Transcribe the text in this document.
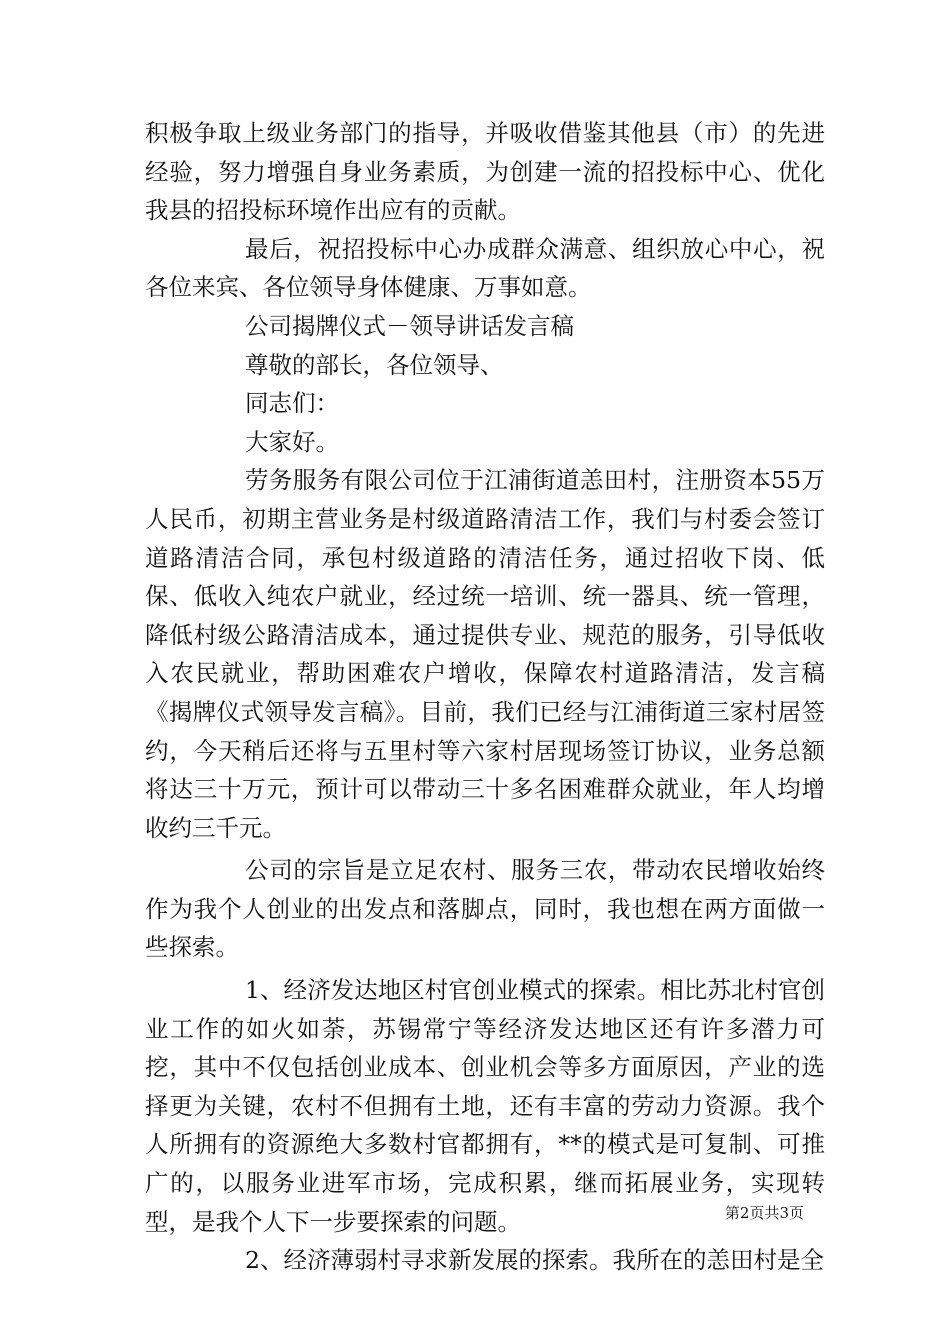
积极争取上级业务部门的指导，并吸收借鉴其他县（市）的先进经验，努力增强自身业务素质，为创建一流的招投标中心、优化我县的招投标环境作出应有的贡献。

最后，祝招投标中心办成群众满意、组织放心中心，祝各位来宾、各位领导身体健康、万事如意。

公司揭牌仪式－领导讲话发言稿

尊敬的部长，各位领导、

同志们：

大家好。

劳务服务有限公司位于江浦街道恙田村，注册资本55万人民币，初期主营业务是村级道路清洁工作，我们与村委会签订道路清洁合同，承包村级道路的清洁任务，通过招收下岗、低保、低收入纯农户就业，经过统一培训、统一器具、统一管理，降低村级公路清洁成本，通过提供专业、规范的服务，引导低收入农民就业，帮助困难农户增收，保障农村道路清洁，发言稿《揭牌仪式领导发言稿》。目前，我们已经与江浦街道三家村居签约，今天稍后还将与五里村等六家村居现场签订协议，业务总额将达三十万元，预计可以带动三十多名困难群众就业，年人均增收约三千元。

公司的宗旨是立足农村、服务三农，带动农民增收始终作为我个人创业的出发点和落脚点，同时，我也想在两方面做一些探索。

1、经济发达地区村官创业模式的探索。相比苏北村官创业工作的如火如荼，苏锡常宁等经济发达地区还有许多潜力可挖，其中不仅包括创业成本、创业机会等多方面原因，产业的选择更为关键，农村不但拥有土地，还有丰富的劳动力资源。我个人所拥有的资源绝大多数村官都拥有，**的模式是可复制、可推广的，以服务业进军市场，完成积累，继而拓展业务，实现转型，是我个人下一步要探索的问题。

2、经济薄弱村寻求新发展的探索。我所在的恙田村是全

第2页共3页
